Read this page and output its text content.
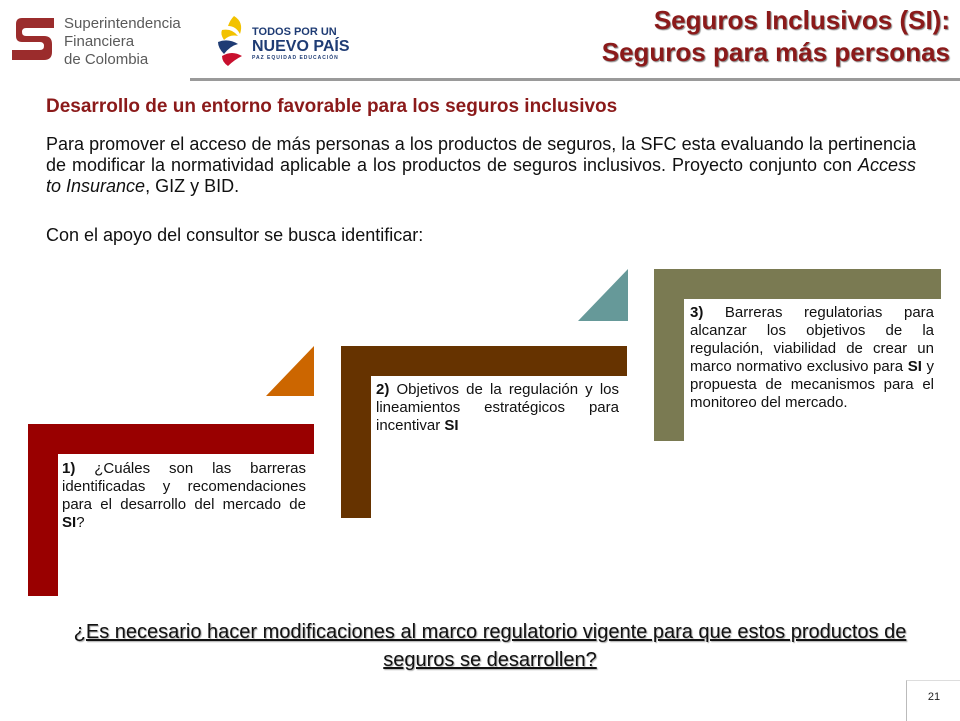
Superintendencia
Financiera
de Colombia
TODOS POR UN
NUEVO PAÍS
PAZ EQUIDAD EDUCACIÓN
Seguros Inclusivos (SI):
Seguros para más personas
Desarrollo de un entorno favorable para los seguros inclusivos
Para promover el acceso de más personas a los productos de seguros, la SFC esta evaluando la pertinencia de modificar la normatividad aplicable a los productos de seguros inclusivos. Proyecto conjunto con Access to Insurance, GIZ y BID.
Con el apoyo del consultor se busca identificar:
1) ¿Cuáles son las barreras identificadas y recomendaciones para el desarrollo del mercado de SI?
2) Objetivos de la regulación y los lineamientos estratégicos para incentivar SI
3) Barreras regulatorias para alcanzar los objetivos de la regulación, viabilidad de crear un marco normativo exclusivo para SI y propuesta de mecanismos para el monitoreo del mercado.
¿Es necesario hacer modificaciones al marco regulatorio vigente para que estos productos de seguros se desarrollen?
21
